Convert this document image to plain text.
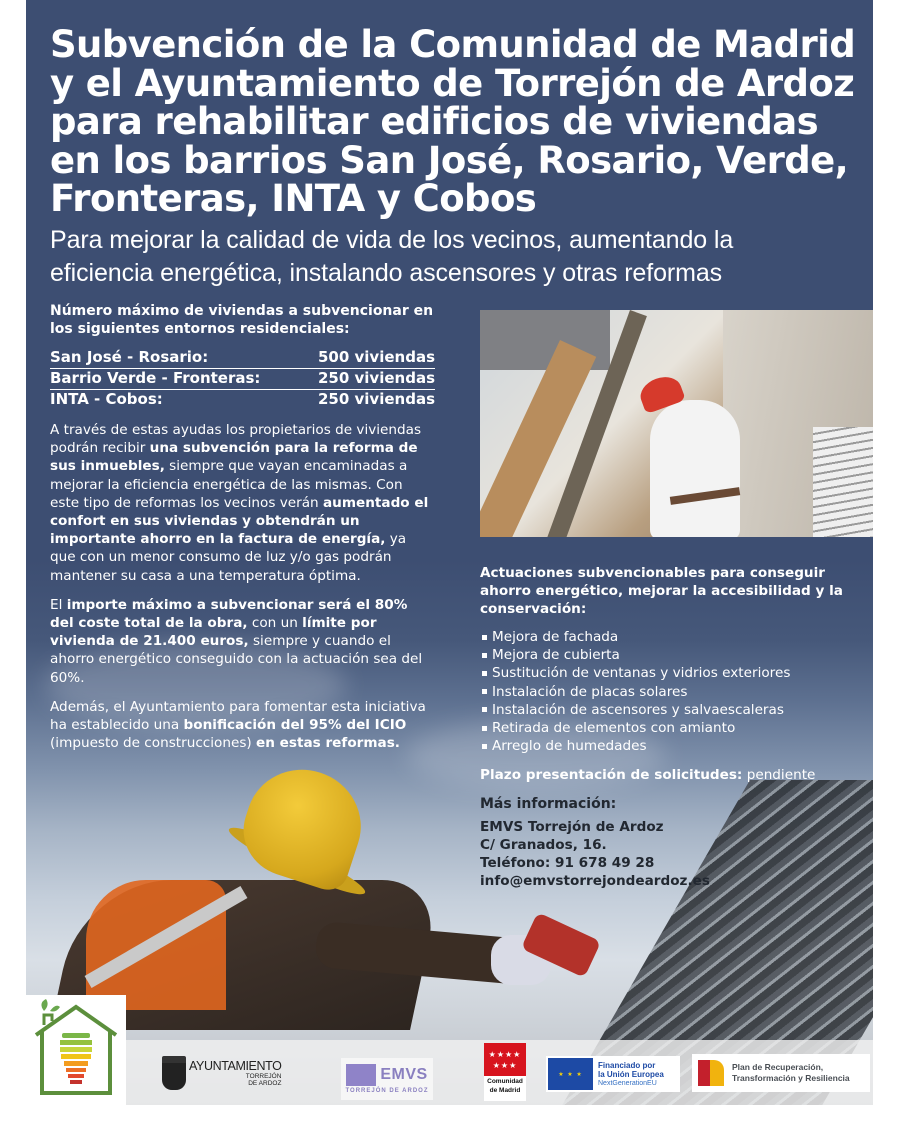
Subvención de la Comunidad de Madrid
y el Ayuntamiento de Torrejón de Ardoz
para rehabilitar edificios de viviendas
en los barrios San José, Rosario, Verde,
Fronteras, INTA y Cobos
Para mejorar la calidad de vida de los vecinos, aumentando la
eficiencia energética, instalando ascensores y otras reformas
Número máximo de viviendas a subvencionar en los siguientes entornos residenciales:
San José - Rosario:	500 viviendas
Barrio Verde - Fronteras:	250 viviendas
INTA - Cobos:	250 viviendas

A través de estas ayudas los propietarios de viviendas podrán recibir una subvención para la reforma de sus inmuebles, siempre que vayan encaminadas a mejorar la eficiencia energética de las mismas. Con este tipo de reformas los vecinos verán aumentado el confort en sus viviendas y obtendrán un importante ahorro en la factura de energía, ya que con un menor consumo de luz y/o gas podrán mantener su casa a una temperatura óptima.

El importe máximo a subvencionar será el 80% del coste total de la obra, con un límite por vivienda de 21.400 euros, siempre y cuando el ahorro energético conseguido con la actuación sea del 60%.

Además, el Ayuntamiento para fomentar esta iniciativa ha establecido una bonificación del 95% del ICIO (impuesto de construcciones) en estas reformas.

Actuaciones subvencionables para conseguir ahorro energético, mejorar la accesibilidad y la conservación:
Mejora de fachada
Mejora de cubierta
Sustitución de ventanas y vidrios exteriores
Instalación de placas solares
Instalación de ascensores y salvaescaleras
Retirada de elementos con amianto
Arreglo de humedades
Plazo presentación de solicitudes: pendiente
Más información:
EMVS Torrejón de Ardoz
C/ Granados, 16.
Teléfono: 91 678 49 28
info@emvstorrejondeardoz.es
AYUNTAMIENTO
TORREJÓN
DE ARDOZ
EMVS
TORREJÓN DE ARDOZ
★★★★ ★★★
Comunidad
de Madrid
★ ★ ★
Financiado por
la Unión Europea
NextGenerationEU
Plan de Recuperación,
Transformación y Resiliencia
